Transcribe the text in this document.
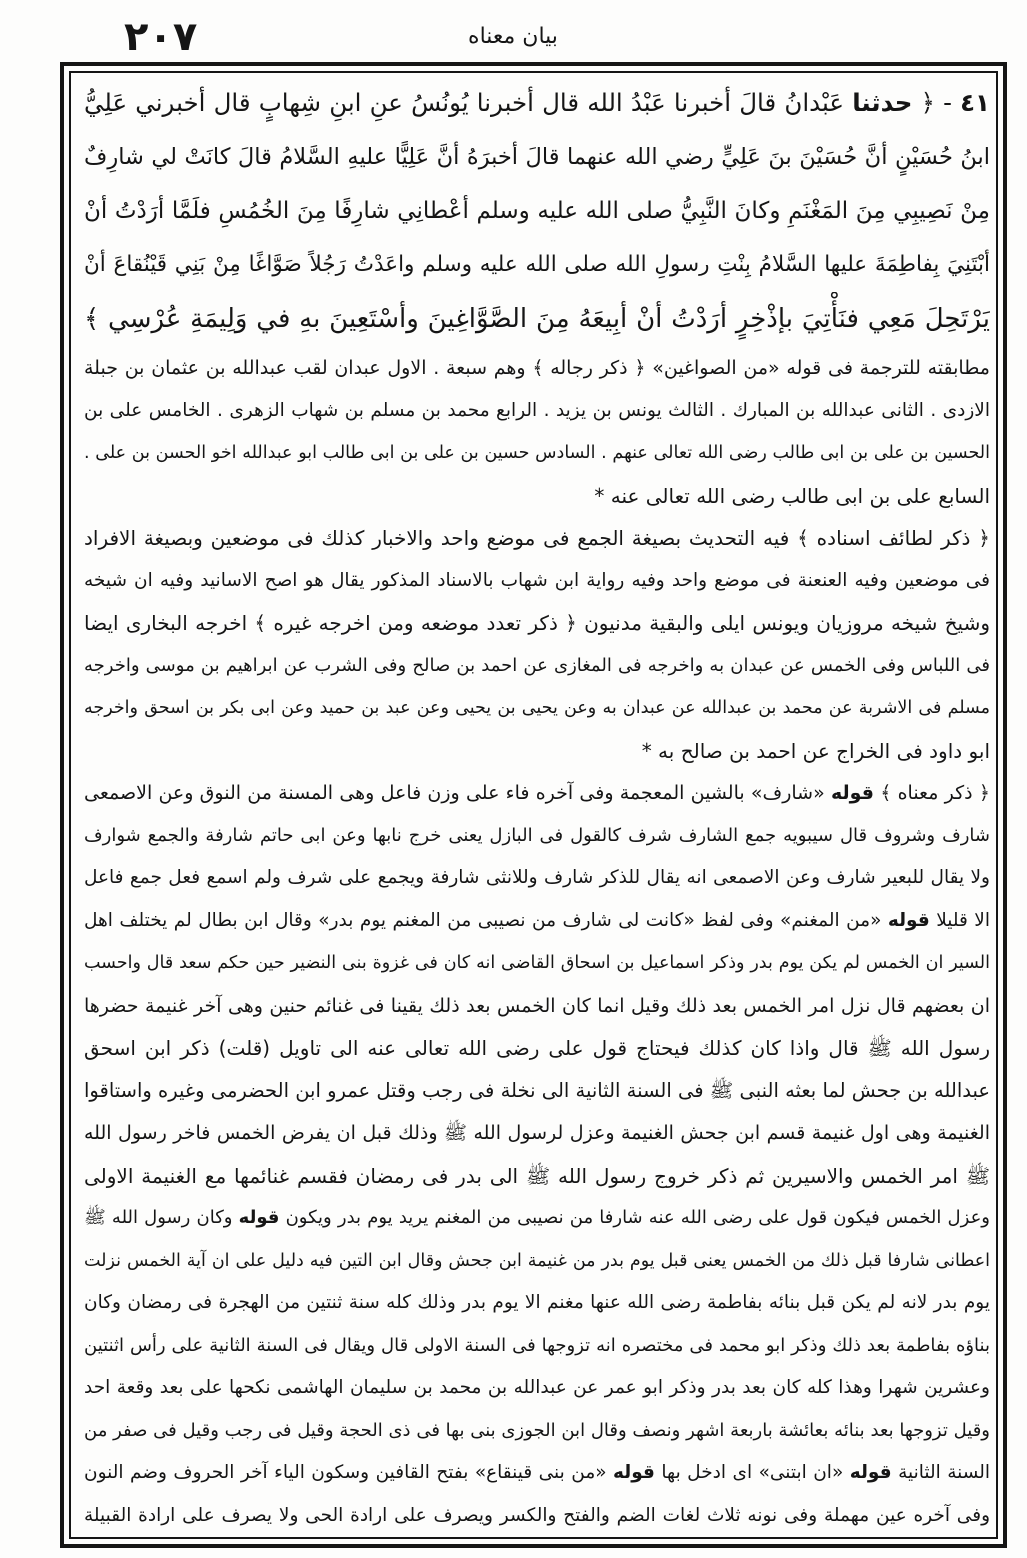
٢٠٧	بيان معناه
٤١ - ﴿ حدثنا عَبْدانُ قالَ أخبرنا عَبْدُ الله قال أخبرنا يُونُسُ عنِ ابنِ شِهابٍ قال أخبرني عَلِيُّ
ابنُ حُسَيْنٍ أنَّ حُسَيْنَ بنَ عَلِيٍّ رضي الله عنهما قالَ أخبرَهُ أنَّ عَلِيًّا عليهِ السَّلامُ قالَ كانَتْ لي شارِفٌ
مِنْ نَصِيبِي مِنَ المَغْنَمِ وكانَ النَّبِيُّ صلى الله عليه وسلم أعْطانِي شارِفًا مِنَ الخُمُسِ فلَمَّا أرَدْتُ أنْ
أبْتَنِيَ بِفاطِمَةَ عليها السَّلامُ بِنْتِ رسولِ الله صلى الله عليه وسلم واعَدْتُ رَجُلاً صَوَّاغًا مِنْ بَنِي قَيْنُقاعَ أنْ
يَرْتَحِلَ مَعِي فنَأْتِيَ بإذْخِرٍ أرَدْتُ أنْ أبِيعَهُ مِنَ الصَّوَّاغِينَ وأسْتَعِينَ بهِ في وَلِيمَةِ عُرْسِي ﴾
مطابقته للترجمة فى قوله «من الصواغين» ﴿ ذكر رجاله ﴾ وهم سبعة . الاول عبدان لقب عبدالله بن عثمان بن جبلة
الازدى . الثانى عبدالله بن المبارك . الثالث يونس بن يزيد . الرابع محمد بن مسلم بن شهاب الزهرى . الخامس على بن
الحسين بن على بن ابى طالب رضى الله تعالى عنهم . السادس حسين بن على بن ابى طالب ابو عبدالله اخو الحسن بن على .
السابع على بن ابى طالب رضى الله تعالى عنه *
﴿ ذكر لطائف اسناده ﴾ فيه التحديث بصيغة الجمع فى موضع واحد والاخبار كذلك فى موضعين وبصيغة الافراد
فى موضعين وفيه العنعنة فى موضع واحد وفيه رواية ابن شهاب بالاسناد المذكور يقال هو اصح الاسانيد وفيه ان شيخه
وشيخ شيخه مروزيان ويونس ايلى والبقية مدنيون ﴿ ذكر تعدد موضعه ومن اخرجه غيره ﴾ اخرجه البخارى ايضا
فى اللباس وفى الخمس عن عبدان به واخرجه فى المغازى عن احمد بن صالح وفى الشرب عن ابراهيم بن موسى واخرجه
مسلم فى الاشربة عن محمد بن عبدالله عن عبدان به وعن يحيى بن يحيى وعن عبد بن حميد وعن ابى بكر بن اسحق واخرجه
ابو داود فى الخراج عن احمد بن صالح به *
﴿ ذكر معناه ﴾ قوله «شارف» بالشين المعجمة وفى آخره فاء على وزن فاعل وهى المسنة من النوق وعن الاصمعى
شارف وشروف قال سيبويه جمع الشارف شرف كالقول فى البازل يعنى خرج نابها وعن ابى حاتم شارفة والجمع شوارف
ولا يقال للبعير شارف وعن الاصمعى انه يقال للذكر شارف وللانثى شارفة ويجمع على شرف ولم اسمع فعل جمع فاعل
الا قليلا قوله «من المغنم» وفى لفظ «كانت لى شارف من نصيبى من المغنم يوم بدر» وقال ابن بطال لم يختلف اهل
السير ان الخمس لم يكن يوم بدر وذكر اسماعيل بن اسحاق القاضى انه كان فى غزوة بنى النضير حين حكم سعد قال واحسب
ان بعضهم قال نزل امر الخمس بعد ذلك وقيل انما كان الخمس بعد ذلك يقينا فى غنائم حنين وهى آخر غنيمة حضرها
رسول الله ﷺ قال واذا كان كذلك فيحتاج قول على رضى الله تعالى عنه الى تاويل (قلت) ذكر ابن اسحق
عبدالله بن جحش لما بعثه النبى ﷺ فى السنة الثانية الى نخلة فى رجب وقتل عمرو ابن الحضرمى وغيره واستاقوا
الغنيمة وهى اول غنيمة قسم ابن جحش الغنيمة وعزل لرسول الله ﷺ وذلك قبل ان يفرض الخمس فاخر رسول الله
ﷺ امر الخمس والاسيرين ثم ذكر خروج رسول الله ﷺ الى بدر فى رمضان فقسم غنائمها مع الغنيمة الاولى
وعزل الخمس فيكون قول على رضى الله عنه شارفا من نصيبى من المغنم يريد يوم بدر ويكون قوله وكان رسول الله ﷺ
اعطانى شارفا قبل ذلك من الخمس يعنى قبل يوم بدر من غنيمة ابن جحش وقال ابن التين فيه دليل على ان آية الخمس نزلت
يوم بدر لانه لم يكن قبل بنائه بفاطمة رضى الله عنها مغنم الا يوم بدر وذلك كله سنة ثنتين من الهجرة فى رمضان وكان
بناؤه بفاطمة بعد ذلك وذكر ابو محمد فى مختصره انه تزوجها فى السنة الاولى قال ويقال فى السنة الثانية على رأس اثنتين
وعشرين شهرا وهذا كله كان بعد بدر وذكر ابو عمر عن عبدالله بن محمد بن سليمان الهاشمى نكحها على بعد وقعة احد
وقيل تزوجها بعد بنائه بعائشة باربعة اشهر ونصف وقال ابن الجوزى بنى بها فى ذى الحجة وقيل فى رجب وقيل فى صفر من
السنة الثانية قوله «ان ابتنى» اى ادخل بها قوله «من بنى قينقاع» بفتح القافين وسكون الياء آخر الحروف وضم النون
وفى آخره عين مهملة وفى نونه ثلاث لغات الضم والفتح والكسر ويصرف على ارادة الحى ولا يصرف على ارادة القبيلة
